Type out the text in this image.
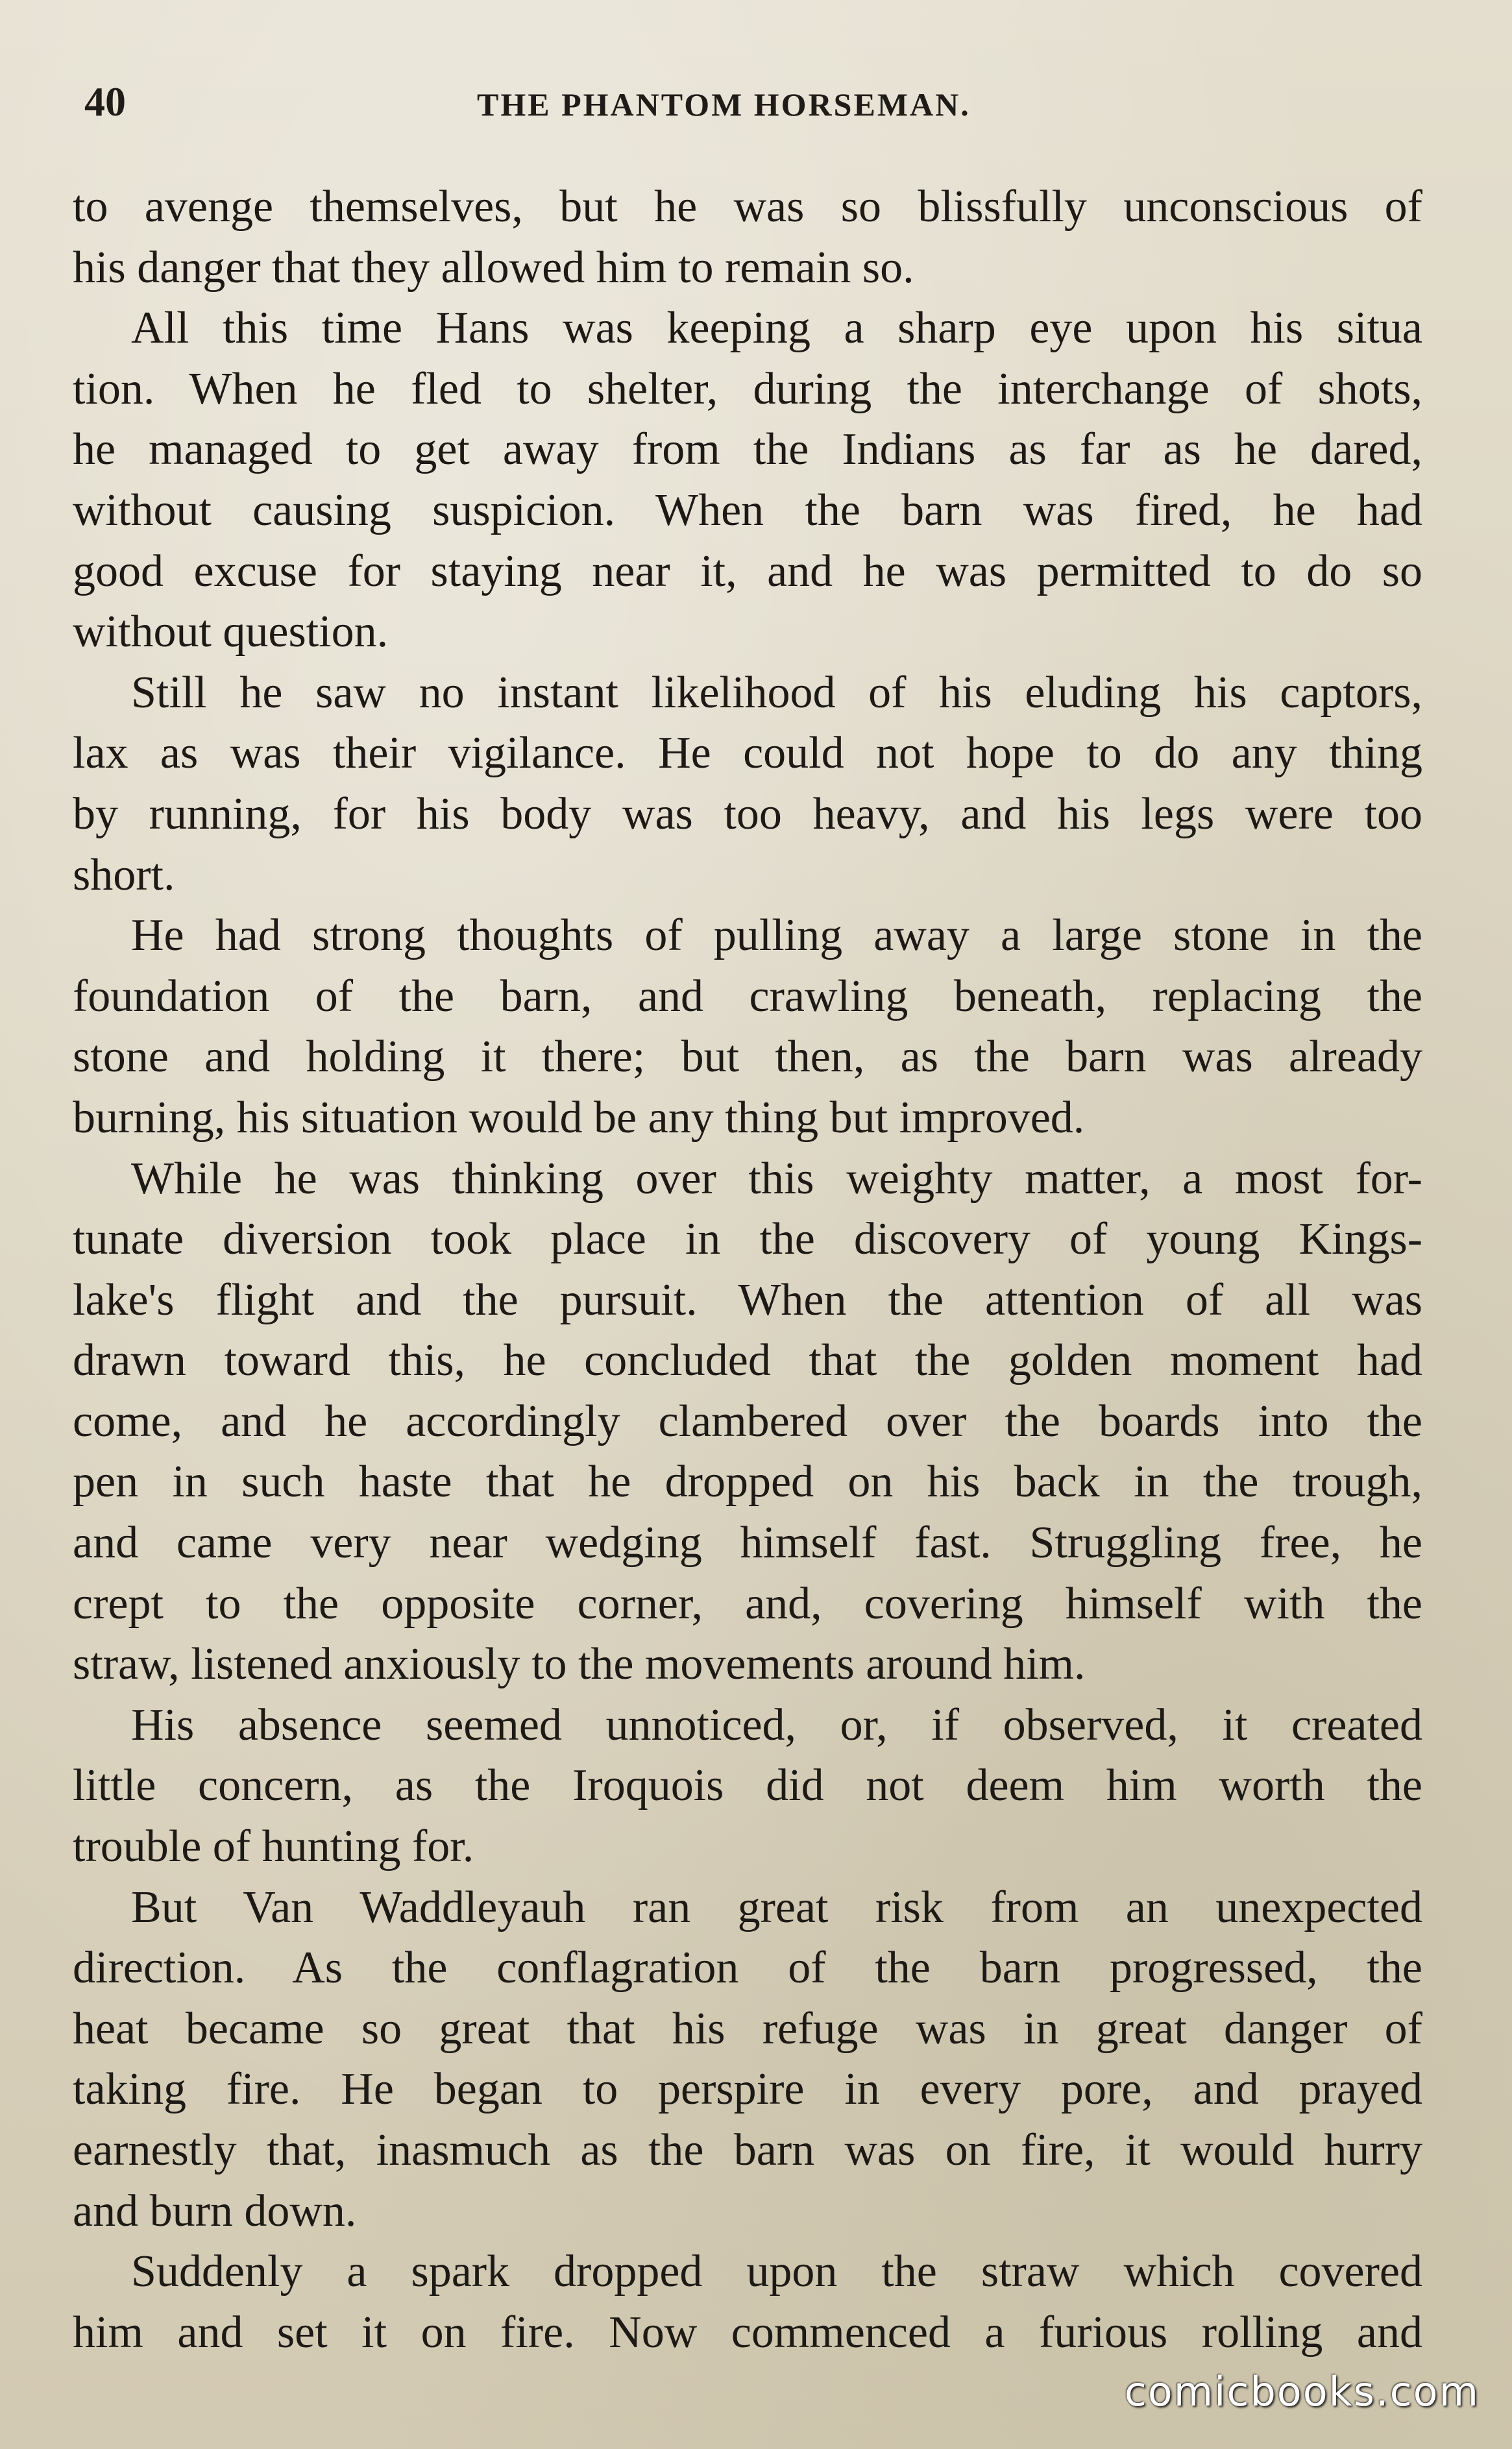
40	THE PHANTOM HORSEMAN.
to avenge themselves, but he was so blissfully unconscious of
his danger that they allowed him to remain so.
All this time Hans was keeping a sharp eye upon his situa
tion. When he fled to shelter, during the interchange of shots,
he managed to get away from the Indians as far as he dared,
without causing suspicion. When the barn was fired, he had
good excuse for staying near it, and he was permitted to do so
without question.
Still he saw no instant likelihood of his eluding his captors,
lax as was their vigilance. He could not hope to do any thing
by running, for his body was too heavy, and his legs were too
short.
He had strong thoughts of pulling away a large stone in the
foundation of the barn, and crawling beneath, replacing the
stone and holding it there; but then, as the barn was already
burning, his situation would be any thing but improved.
While he was thinking over this weighty matter, a most for-
tunate diversion took place in the discovery of young Kings-
lake's flight and the pursuit. When the attention of all was
drawn toward this, he concluded that the golden moment had
come, and he accordingly clambered over the boards into the
pen in such haste that he dropped on his back in the trough,
and came very near wedging himself fast. Struggling free, he
crept to the opposite corner, and, covering himself with the
straw, listened anxiously to the movements around him.
His absence seemed unnoticed, or, if observed, it created
little concern, as the Iroquois did not deem him worth the
trouble of hunting for.
But Van Waddleyauh ran great risk from an unexpected
direction. As the conflagration of the barn progressed, the
heat became so great that his refuge was in great danger of
taking fire. He began to perspire in every pore, and prayed
earnestly that, inasmuch as the barn was on fire, it would hurry
and burn down.
Suddenly a spark dropped upon the straw which covered
him and set it on fire. Now commenced a furious rolling and
comicbooks.com
